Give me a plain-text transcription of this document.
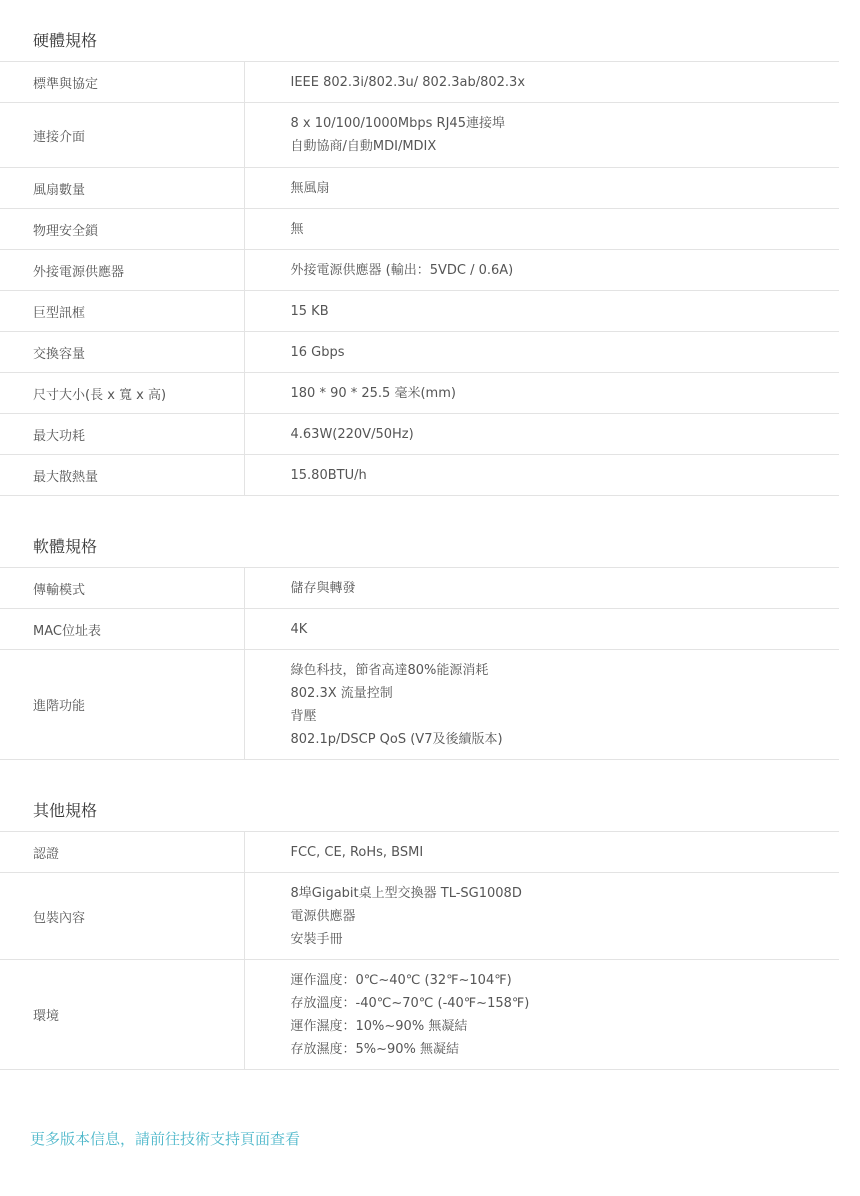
硬體規格
標準與協定	IEEE 802.3i/802.3u/ 802.3ab/802.3x

連接介面	8 x 10/100/1000Mbps RJ45連接埠
自動協商/自動MDI/MDIX

風扇數量	無風扇

物理安全鎖	無

外接電源供應器	外接電源供應器 (輸出：5VDC / 0.6A)

巨型訊框	15 KB

交換容量	16 Gbps

尺寸大小(長 x 寬 x 高)	180 * 90 * 25.5 毫米(mm)

最大功耗	4.63W(220V/50Hz)

最大散熱量	15.80BTU/h
軟體規格
傳輸模式	儲存與轉發

MAC位址表	4K

進階功能	綠色科技，節省高達80%能源消耗
802.3X 流量控制
背壓
802.1p/DSCP QoS (V7及後續版本)
其他規格
認證	FCC, CE, RoHs, BSMI

包裝內容	8埠Gigabit桌上型交換器 TL-SG1008D
電源供應器
安裝手冊

環境	運作溫度：0℃~40℃ (32℉~104℉)
存放溫度：-40℃~70℃ (-40℉~158℉)
運作濕度：10%~90% 無凝結
存放濕度：5%~90% 無凝結
更多版本信息，請前往技術支持頁面查看
